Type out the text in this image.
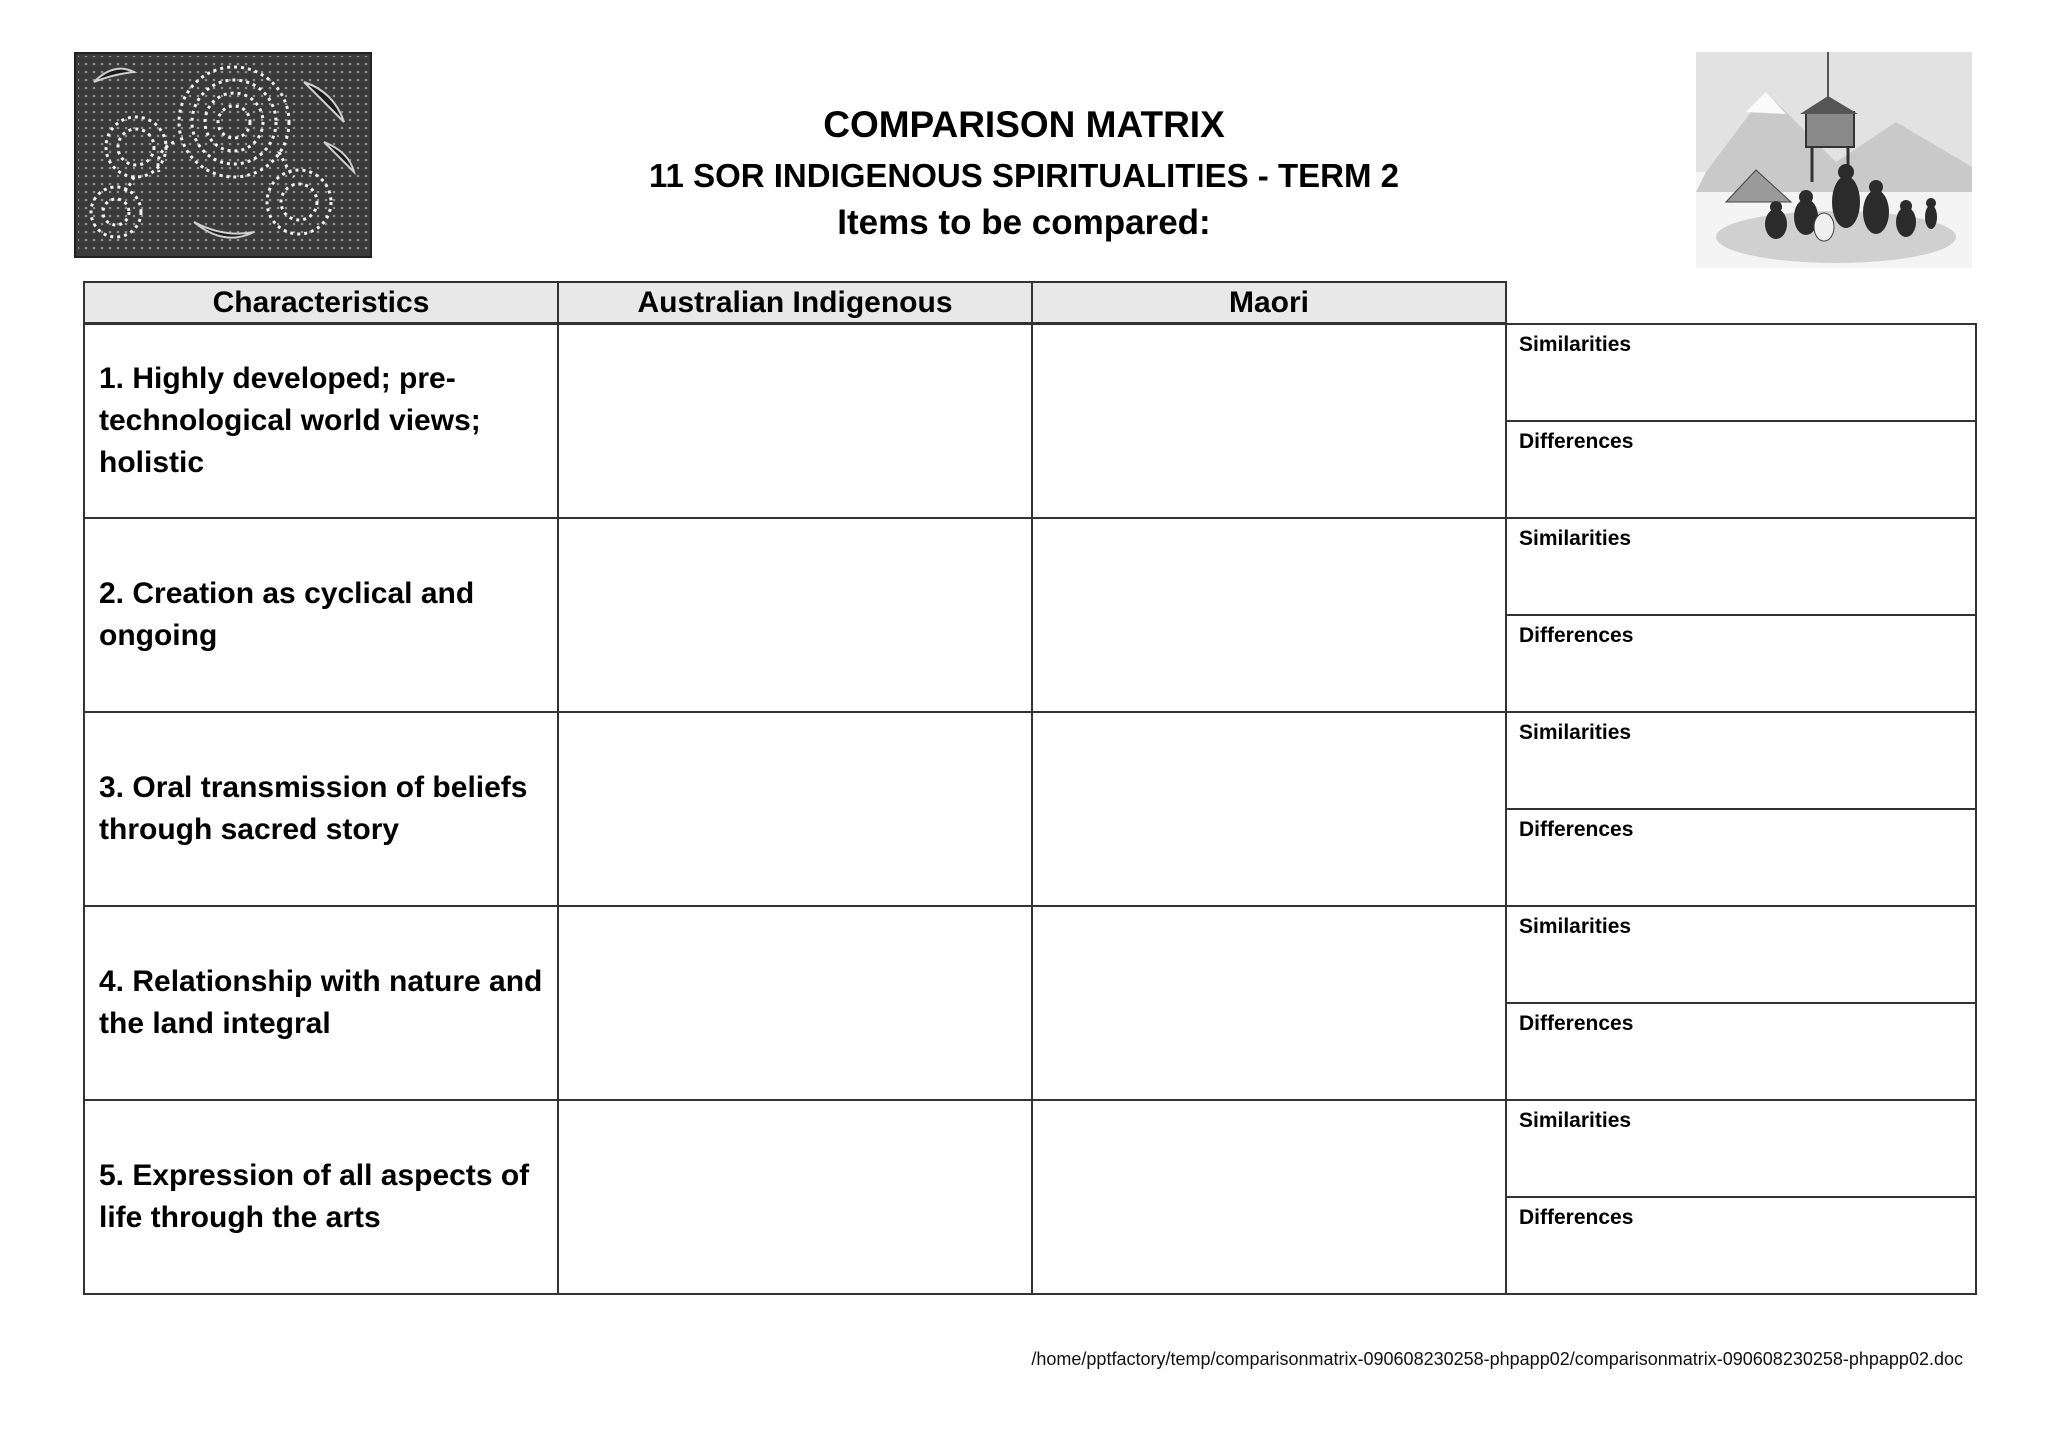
COMPARISON MATRIX
11 SOR INDIGENOUS SPIRITUALITIES - TERM 2
Items to be compared:
Characteristics	Australian Indigenous	Maori
1. Highly developed; pre-technological world views; holistic
Similarities
Differences
2. Creation as cyclical and ongoing
Similarities
Differences
3. Oral transmission of beliefs through sacred story
Similarities
Differences
4. Relationship with nature and the land integral
Similarities
Differences
5. Expression of all aspects of life through the arts
Similarities
Differences
/home/pptfactory/temp/comparisonmatrix-090608230258-phpapp02/comparisonmatrix-090608230258-phpapp02.doc
